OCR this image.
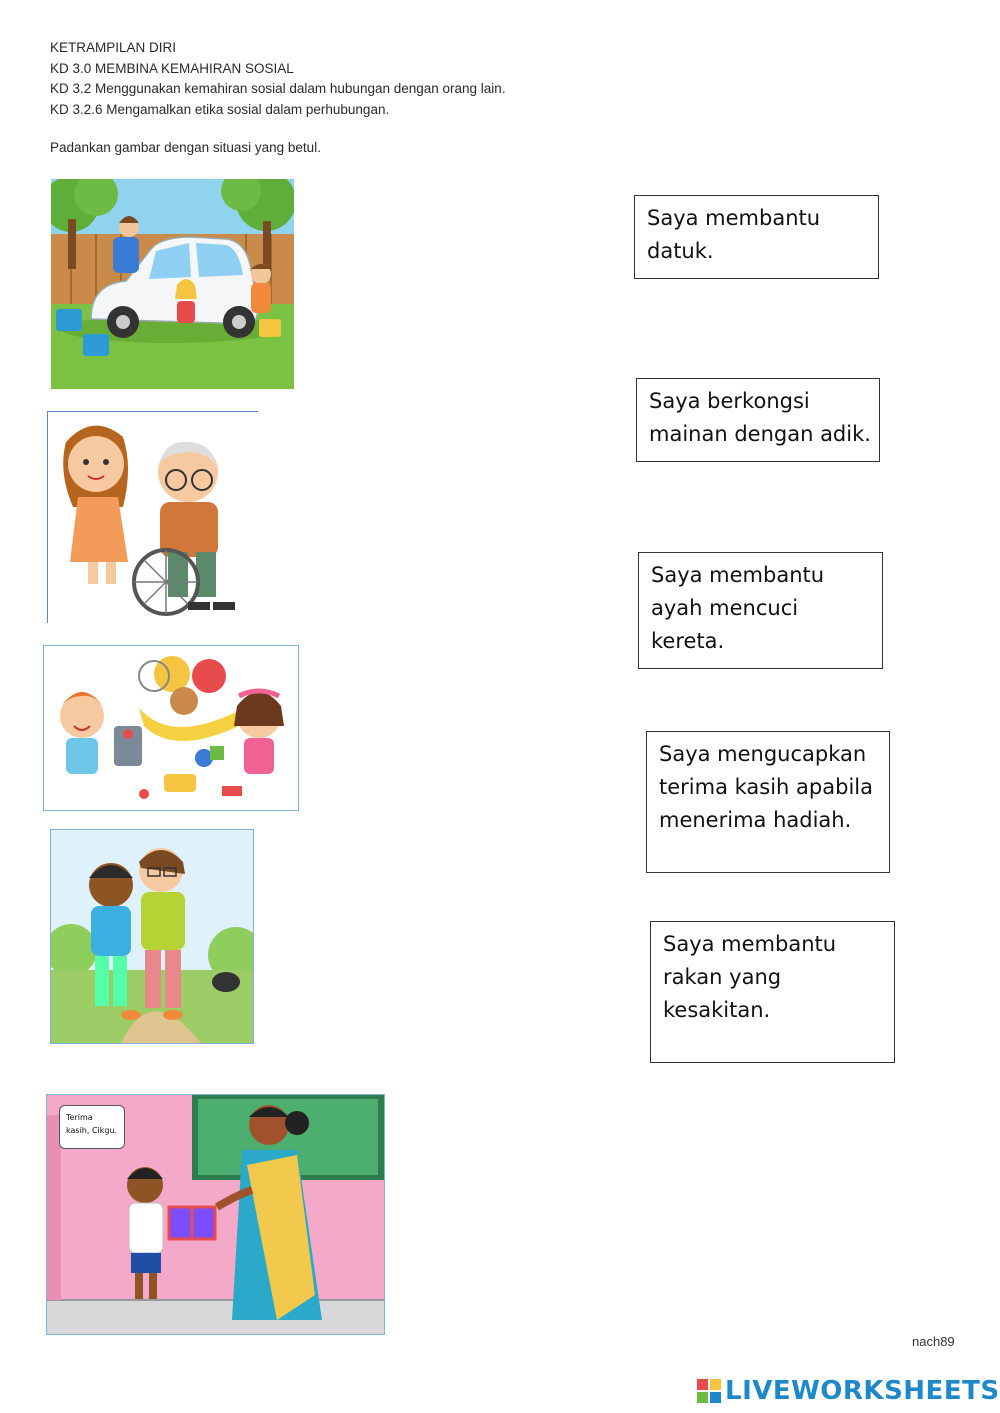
KETRAMPILAN DIRI
KD 3.0 MEMBINA KEMAHIRAN SOSIAL
KD 3.2 Menggunakan kemahiran sosial dalam hubungan dengan orang lain.
KD 3.2.6 Mengamalkan etika sosial dalam perhubungan.
Padankan gambar dengan situasi yang betul.
Terima
kasih, Cikgu.
Saya membantu
datuk.
Saya berkongsi
mainan dengan adik.
Saya membantu
ayah mencuci
kereta.
Saya mengucapkan
terima kasih apabila
menerima hadiah.
Saya membantu
rakan yang
kesakitan.
nach89
LIVEWORKSHEETS
